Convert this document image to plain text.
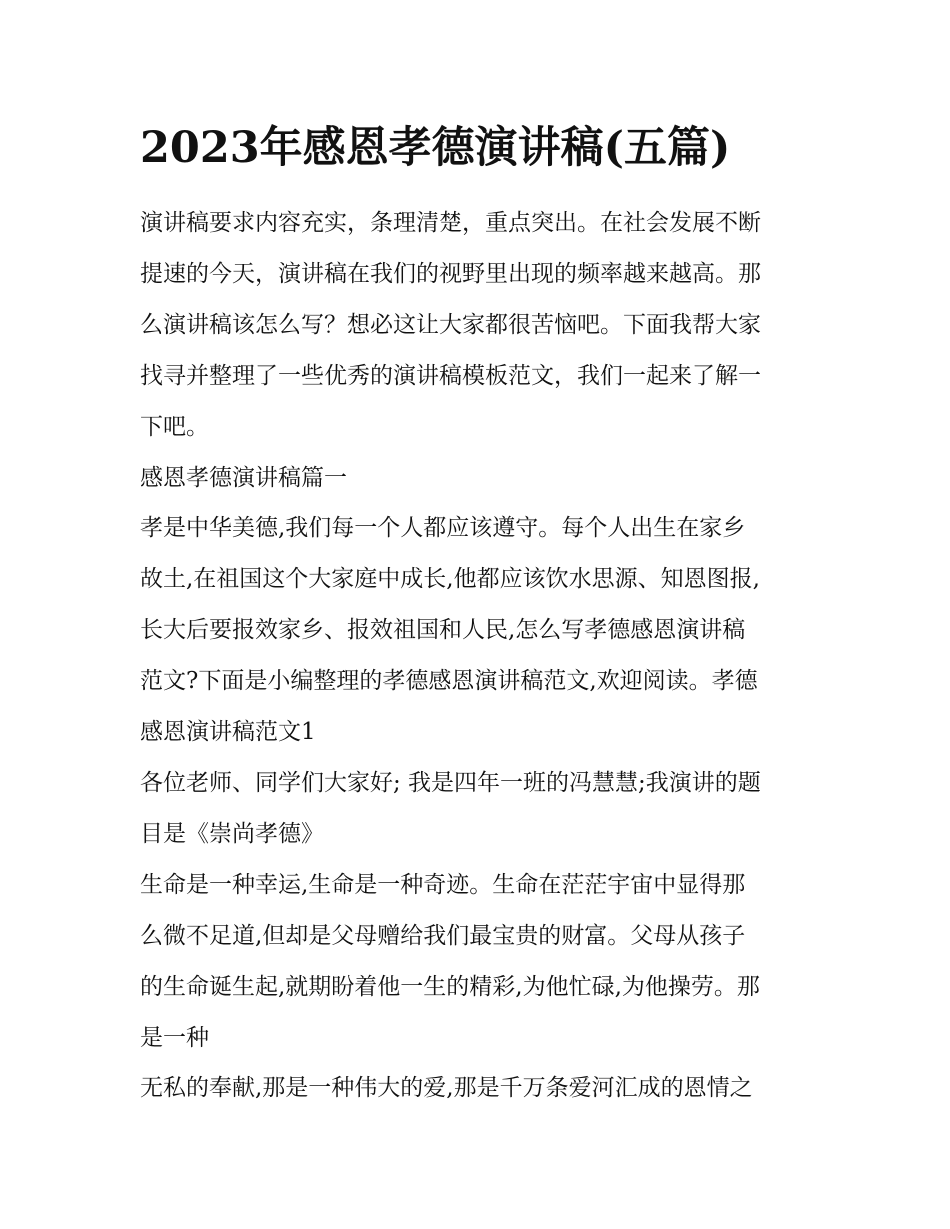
2023年感恩孝德演讲稿(五篇)

演讲稿要求内容充实，条理清楚，重点突出。在社会发展不断

提速的今天，演讲稿在我们的视野里出现的频率越来越高。那

么演讲稿该怎么写？想必这让大家都很苦恼吧。下面我帮大家

找寻并整理了一些优秀的演讲稿模板范文，我们一起来了解一

下吧。

感恩孝德演讲稿篇一

孝是中华美德,我们每一个人都应该遵守。每个人出生在家乡

故土,在祖国这个大家庭中成长,他都应该饮水思源、知恩图报,

长大后要报效家乡、报效祖国和人民,怎么写孝德感恩演讲稿

范文?下面是小编整理的孝德感恩演讲稿范文,欢迎阅读。孝德

感恩演讲稿范文1

各位老师、同学们大家好; 我是四年一班的冯慧慧;我演讲的题

目是《崇尚孝德》

生命是一种幸运,生命是一种奇迹。生命在茫茫宇宙中显得那

么微不足道,但却是父母赠给我们最宝贵的财富。父母从孩子

的生命诞生起,就期盼着他一生的精彩,为他忙碌,为他操劳。那

是一种

无私的奉献,那是一种伟大的爱,那是千万条爱河汇成的恩情之
